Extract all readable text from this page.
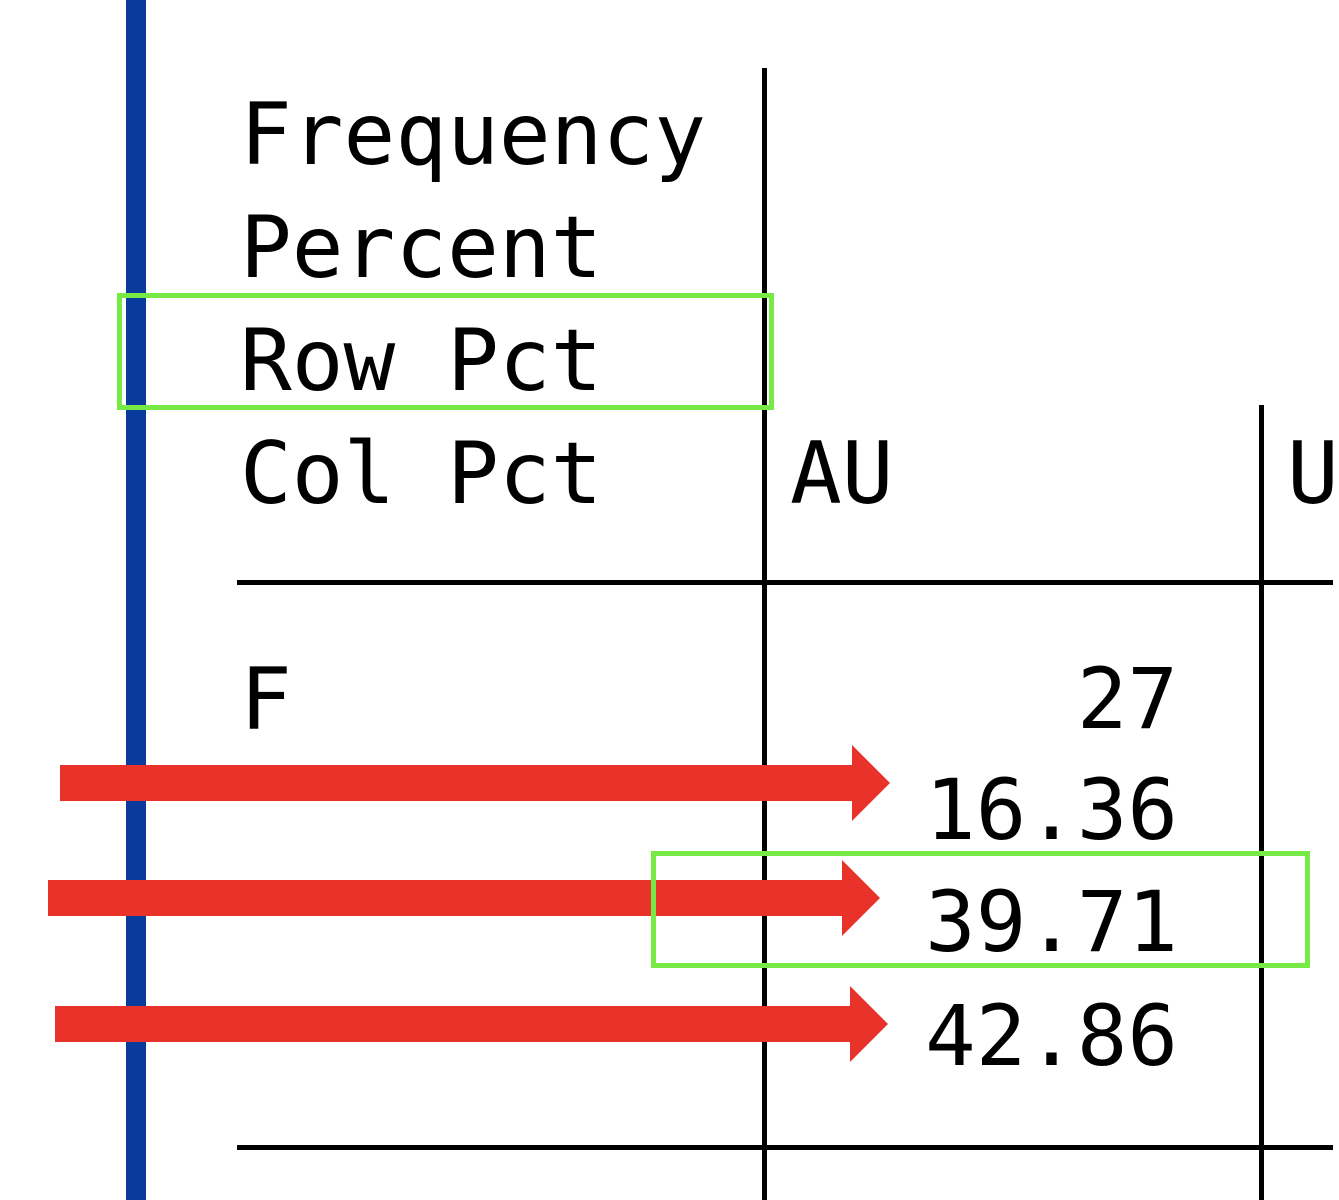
Frequency
Percent
Row Pct
Col Pct AU	U
F	27
16.36
39.71
42.86
